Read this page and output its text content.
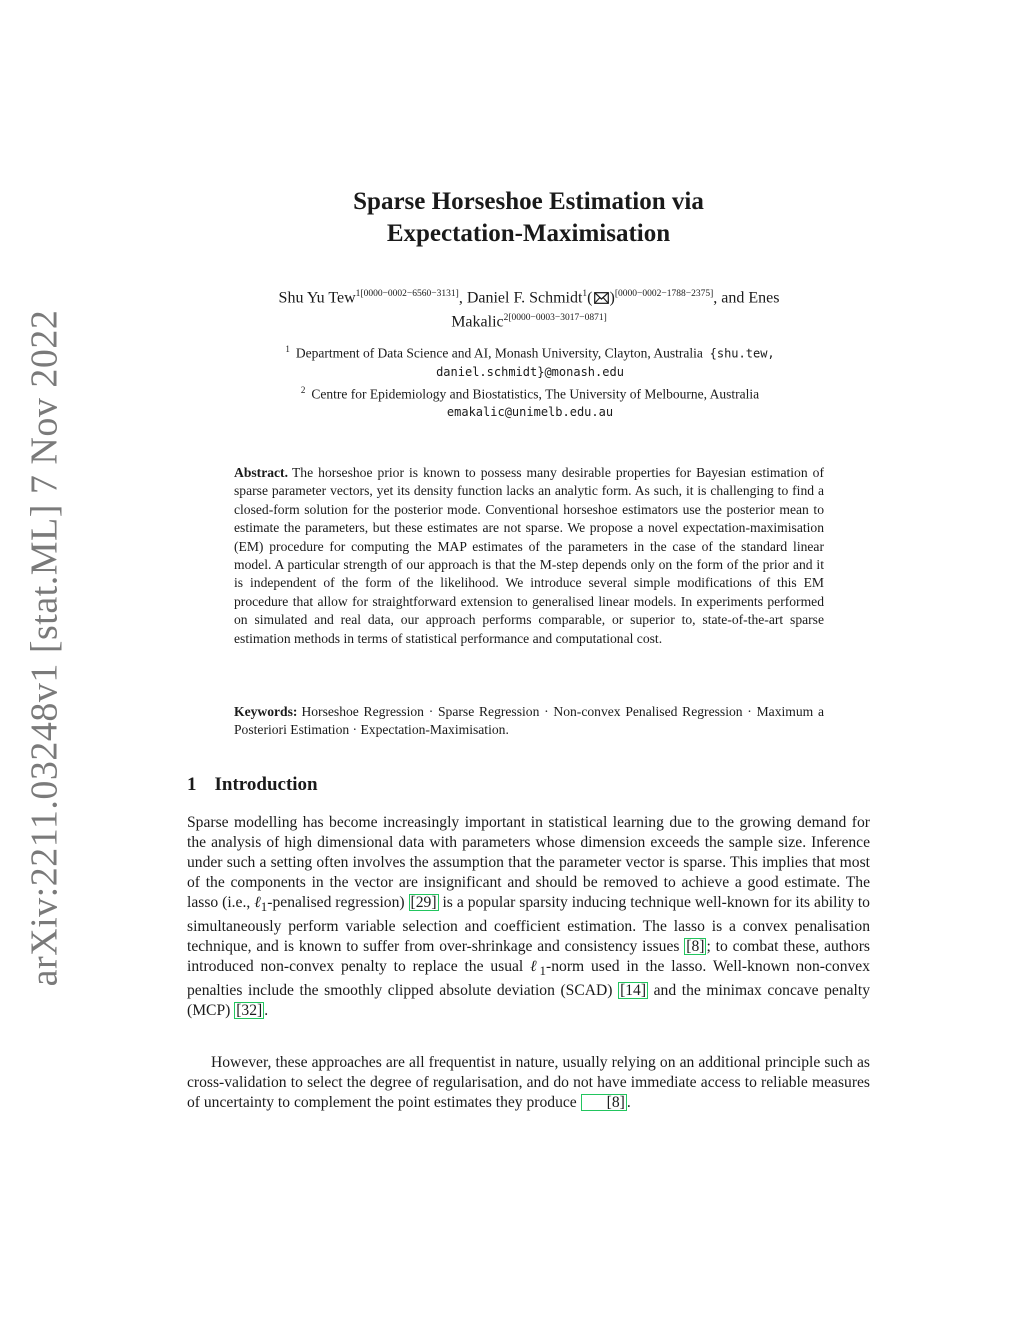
arXiv:2211.03248v1 [stat.ML] 7 Nov 2022
Sparse Horseshoe Estimation via
Expectation-Maximisation
Shu Yu Tew$^{1[0000-0002-6560-3131]}$, Daniel F. Schmidt$^1$( )[0000−0002−1788−2375], and Enes
Makalic$^{2[0000-0003-3017-0871]}$
$^1$ Department of Data Science and AI, Monash University, Clayton, Australia {shu.tew,
daniel.schmidt}@monash.edu
$^2$ Centre for Epidemiology and Biostatistics, The University of Melbourne, Australia
emakalic@unimelb.edu.au

Abstract. The horseshoe prior is known to possess many desirable properties for Bayesian estimation of sparse parameter vectors, yet its density function lacks an analytic form. As such, it is challenging to find a closed-form solution for the posterior mode. Conventional horseshoe estimators use the posterior mean to estimate the parameters, but these estimates are not sparse. We propose a novel expectation-maximisation (EM) procedure for computing the MAP estimates of the parameters in the case of the standard linear model. A particular strength of our approach is that the M-step depends only on the form of the prior and it is independent of the form of the likelihood. We introduce several simple modifications of this EM procedure that allow for straightforward extension to generalised linear models. In experiments performed on simulated and real data, our approach performs comparable, or superior to, state-of-the-art sparse estimation methods in terms of statistical performance and computational cost.

Keywords: Horseshoe Regression · Sparse Regression · Non-convex Penalised Regression · Maximum a Posteriori Estimation · Expectation-Maximisation.

1 Introduction

Sparse modelling has become increasingly important in statistical learning due to the growing demand for the analysis of high dimensional data with parameters whose dimension exceeds the sample size. Inference under such a setting often involves the assumption that the parameter vector is sparse. This implies that most of the components in the vector are insignificant and should be removed to achieve a good estimate. The lasso (i.e., ℓ$_1$-penalised regression) [29] is a popular sparsity inducing technique well-known for its ability to simultaneously perform variable selection and coefficient estimation. The lasso is a convex penalisation technique, and is known to suffer from over-shrinkage and consistency issues [8] ; to combat these, authors introduced non-convex penalty to replace the usual ℓ$_1$-norm used in the lasso. Well-known non-convex penalties include the smoothly clipped absolute deviation (SCAD) [14] and the minimax concave penalty (MCP) [32] .

However, these approaches are all frequentist in nature, usually relying on an additional principle such as cross-validation to select the degree of regularisation, and do not have immediate access to reliable measures of uncertainty to complement the point estimates they produce [8] .
